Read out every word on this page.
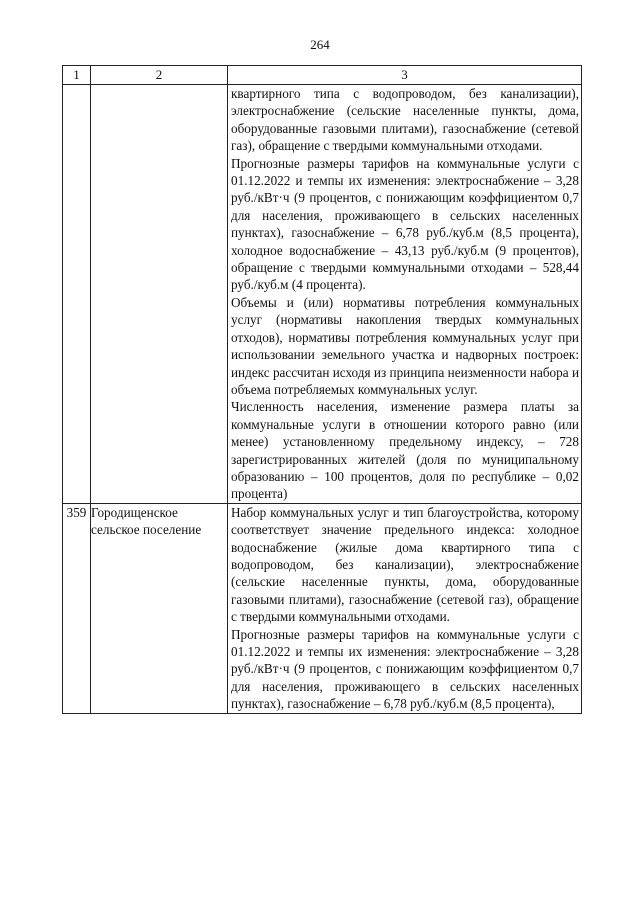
264
1	2	3

		квартирного типа с водопроводом, без канализации), электроснабжение (сельские населенные пункты, дома, оборудованные газовыми плитами), газоснабжение (сетевой газ), обращение с твердыми коммунальными отходами.

Прогнозные размеры тарифов на коммунальные услуги с 01.12.2022 и темпы их изменения: электроснабжение – 3,28 руб./кВт·ч (9 процентов, с понижающим коэффициентом 0,7 для населения, проживающего в сельских населенных пунктах), газоснабжение – 6,78 руб./куб.м (8,5 процента), холодное водоснабжение – 43,13 руб./куб.м (9 процентов), обращение с твердыми коммунальными отходами – 528,44 руб./куб.м (4 процента).

Объемы и (или) нормативы потребления коммунальных услуг (нормативы накопления твердых коммунальных отходов), нормативы потребления коммунальных услуг при использовании земельного участка и надворных построек: индекс рассчитан исходя из принципа неизменности набора и объема потребляемых коммунальных услуг.

Численность населения, изменение размера платы за коммунальные услуги в отношении которого равно (или менее) установленному предельному индексу, – 728 зарегистрированных жителей (доля по муниципальному образованию – 100 процентов, доля по республике – 0,02 процента)

359	Городищенское сельское поселение	Набор коммунальных услуг и тип благоустройства, которому соответствует значение предельного индекса: холодное водоснабжение (жилые дома квартирного типа с водопроводом, без канализации), электроснабжение (сельские населенные пункты, дома, оборудованные газовыми плитами), газоснабжение (сетевой газ), обращение с твердыми коммунальными отходами.

Прогнозные размеры тарифов на коммунальные услуги с 01.12.2022 и темпы их изменения: электроснабжение – 3,28 руб./кВт·ч (9 процентов, с понижающим коэффициентом 0,7 для населения, проживающего в сельских населенных пунктах), газоснабжение – 6,78 руб./куб.м (8,5 процента),
